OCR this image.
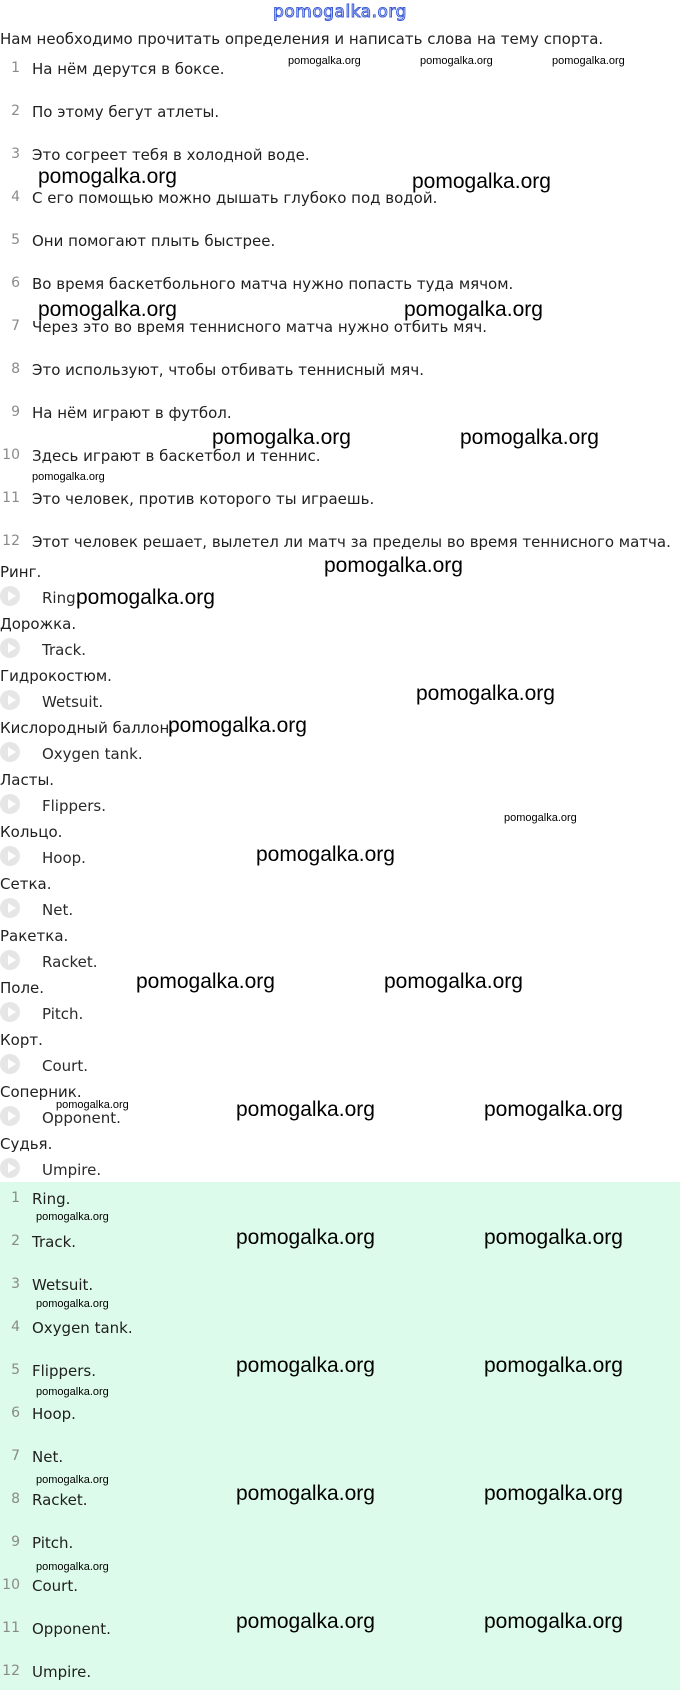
pomogalka.org
Нам необходимо прочитать определения и написать слова на тему спорта.
1 На нём дерутся в боксе.
2 По этому бегут атлеты.
3 Это согреет тебя в холодной воде.
4 С его помощью можно дышать глубоко под водой.
5 Они помогают плыть быстрее.
6 Во время баскетбольного матча нужно попасть туда мячом.
7 Через это во время теннисного матча нужно отбить мяч.
8 Это используют, чтобы отбивать теннисный мяч.
9 На нём играют в футбол.
10 Здесь играют в баскетбол и теннис.
11 Это человек, против которого ты играешь.
12 Этот человек решает, вылетел ли матч за пределы во время теннисного матча.
Ринг.
Ring.
Дорожка.
Track.
Гидрокостюм.
Wetsuit.
Кислородный баллон.
Oxygen tank.
Ласты.
Flippers.
Кольцо.
Hoop.
Сетка.
Net.
Ракетка.
Racket.
Поле.
Pitch.
Корт.
Court.
Соперник.
Opponent.
Судья.
Umpire.
1 Ring.
2 Track.
3 Wetsuit.
4 Oxygen tank.
5 Flippers.
6 Hoop.
7 Net.
8 Racket.
9 Pitch.
10 Court.
11 Opponent.
12 Umpire.
pomogalka.org	pomogalka.org	pomogalka.org
pomogalka.org	pomogalka.org
pomogalka.org	pomogalka.org
pomogalka.org	pomogalka.org
pomogalka.org
pomogalka.org
pomogalka.org
pomogalka.org
pomogalka.org
pomogalka.org
pomogalka.org
pomogalka.org	pomogalka.org
pomogalka.org	pomogalka.org	pomogalka.org
pomogalka.org
pomogalka.org	pomogalka.org
pomogalka.org
pomogalka.org	pomogalka.org
pomogalka.org
pomogalka.org
pomogalka.org	pomogalka.org
pomogalka.org
pomogalka.org	pomogalka.org
